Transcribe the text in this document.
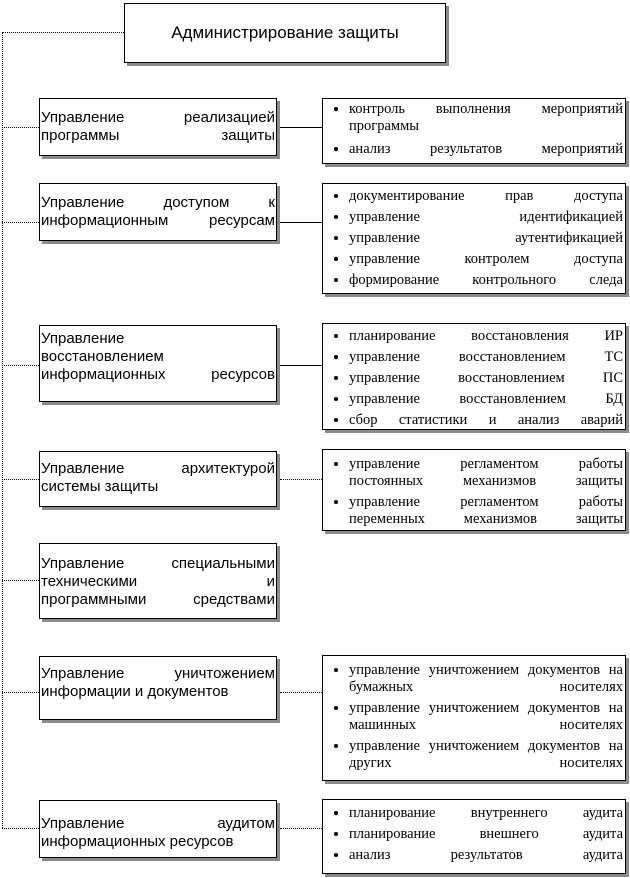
Администрирование защиты
Управление реализацией
программы защиты
• контроль выполнения мероприятий программы
• анализ результатов мероприятий
Управление доступом к
информационным ресурсам
• документирование прав доступа
• управление идентификацией
• управление аутентификацией
• управление контролем доступа
• формирование контрольного следа
Управление
восстановлением
информационных ресурсов
• планирование восстановления ИР
• управление восстановлением ТС
• управление восстановлением ПС
• управление восстановлением БД
• сбор статистики и анализ аварий
Управление архитектурой
системы защиты
• управление регламентом работы постоянных механизмов защиты
• управление регламентом работы переменных механизмов защиты
Управление специальными
техническими и
программными средствами
Управление уничтожением
информации и документов
• управление уничтожением документов на бумажных носителях
• управление уничтожением документов на машинных носителях
• управление уничтожением документов на других носителях
Управление аудитом
информационных ресурсов
• планирование внутреннего аудита
• планирование внешнего аудита
• анализ результатов аудита
